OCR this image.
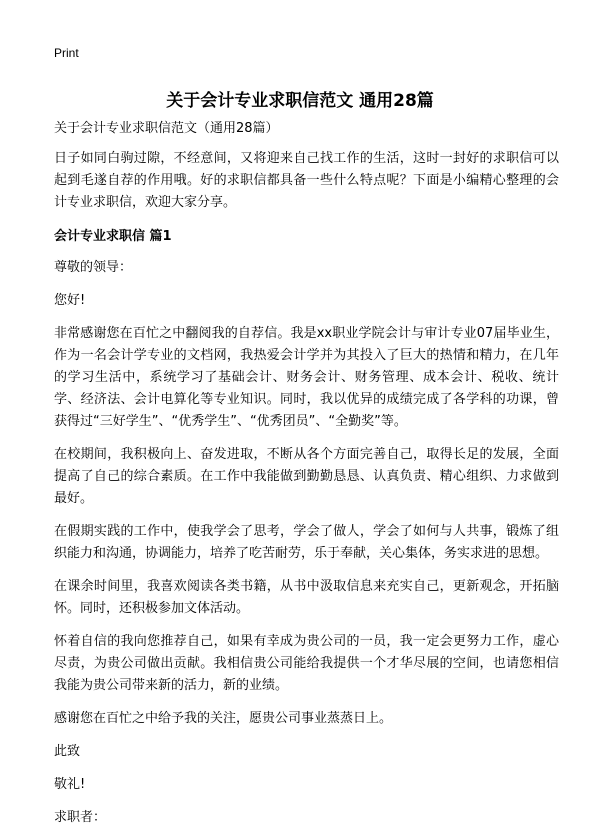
Print
关于会计专业求职信范文 通用28篇

关于会计专业求职信范文（通用28篇）

日子如同白驹过隙，不经意间，又将迎来自己找工作的生活，这时一封好的求职信可以起到毛遂自荐的作用哦。好的求职信都具备一些什么特点呢？下面是小编精心整理的会计专业求职信，欢迎大家分享。

会计专业求职信 篇1

尊敬的领导：

您好!

非常感谢您在百忙之中翻阅我的自荐信。我是xx职业学院会计与审计专业07届毕业生，作为一名会计学专业的文档网，我热爱会计学并为其投入了巨大的热情和精力，在几年的学习生活中，系统学习了基础会计、财务会计、财务管理、成本会计、税收、统计学、经济法、会计电算化等专业知识。同时，我以优异的成绩完成了各学科的功课，曾获得过“三好学生”、“优秀学生”、“优秀团员”、“全勤奖”等。

在校期间，我积极向上、奋发进取，不断从各个方面完善自己，取得长足的发展，全面提高了自己的综合素质。在工作中我能做到勤勤恳恳、认真负责、精心组织、力求做到最好。

在假期实践的工作中，使我学会了思考，学会了做人，学会了如何与人共事，锻炼了组织能力和沟通，协调能力，培养了吃苦耐劳，乐于奉献，关心集体，务实求进的思想。

在课余时间里，我喜欢阅读各类书籍，从书中汲取信息来充实自己，更新观念，开拓脑怀。同时，还积极参加文体活动。

怀着自信的我向您推荐自己，如果有幸成为贵公司的一员，我一定会更努力工作，虚心尽责，为贵公司做出贡献。我相信贵公司能给我提供一个才华尽展的空间，也请您相信我能为贵公司带来新的活力，新的业绩。

感谢您在百忙之中给予我的关注，愿贵公司事业蒸蒸日上。

此致

敬礼!

求职者：
